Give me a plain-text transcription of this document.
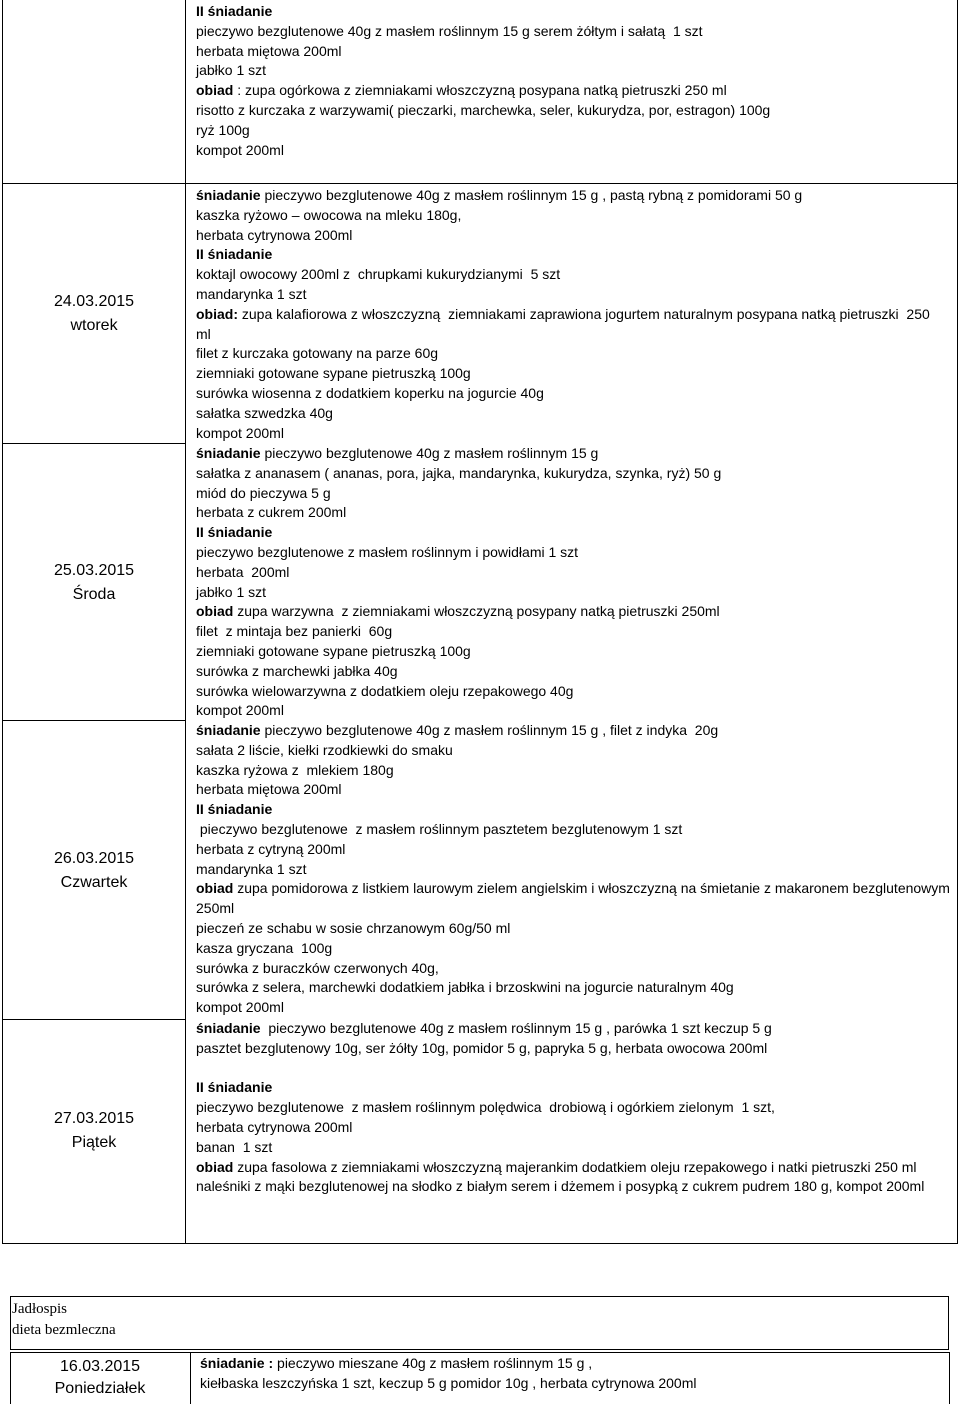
II śniadanie
pieczywo bezglutenowe 40g z masłem roślinnym 15 g serem żółtym i sałatą  1 szt
herbata miętowa 200ml
jabłko 1 szt
obiad : zupa ogórkowa z ziemniakami włoszczyzną posypana natką pietruszki 250 ml
risotto z kurczaka z warzywami( pieczarki, marchewka, seler, kukurydza, por, estragon) 100g
ryż 100g
kompot 200ml
24.03.2015
wtorek
25.03.2015
Środa
26.03.2015
Czwartek
27.03.2015
Piątek
śniadanie pieczywo bezglutenowe 40g z masłem roślinnym 15 g , pastą rybną z pomidorami 50 g
kaszka ryżowo – owocowa na mleku 180g,
herbata cytrynowa 200ml
II śniadanie
koktajl owocowy 200ml z  chrupkami kukurydzianymi  5 szt
mandarynka 1 szt
obiad: zupa kalafiorowa z włoszczyzną  ziemniakami zaprawiona jogurtem naturalnym posypana natką pietruszki  250
ml
filet z kurczaka gotowany na parze 60g
ziemniaki gotowane sypane pietruszką 100g
surówka wiosenna z dodatkiem koperku na jogurcie 40g
sałatka szwedzka 40g
kompot 200ml
śniadanie pieczywo bezglutenowe 40g z masłem roślinnym 15 g
sałatka z ananasem ( ananas, pora, jajka, mandarynka, kukurydza, szynka, ryż) 50 g
miód do pieczywa 5 g
herbata z cukrem 200ml
II śniadanie
pieczywo bezglutenowe z masłem roślinnym i powidłami 1 szt
herbata  200ml
jabłko 1 szt
obiad zupa warzywna  z ziemniakami włoszczyzną posypany natką pietruszki 250ml
filet  z mintaja bez panierki  60g
ziemniaki gotowane sypane pietruszką 100g
surówka z marchewki jabłka 40g
surówka wielowarzywna z dodatkiem oleju rzepakowego 40g
kompot 200ml
śniadanie pieczywo bezglutenowe 40g z masłem roślinnym 15 g , filet z indyka  20g
sałata 2 liście, kiełki rzodkiewki do smaku
kaszka ryżowa z  mlekiem 180g
herbata miętowa 200ml
II śniadanie
pieczywo bezglutenowe  z masłem roślinnym pasztetem bezglutenowym 1 szt
herbata z cytryną 200ml
mandarynka 1 szt
obiad zupa pomidorowa z listkiem laurowym zielem angielskim i włoszczyzną na śmietanie z makaronem bezglutenowym
250ml
pieczeń ze schabu w sosie chrzanowym 60g/50 ml
kasza gryczana  100g
surówka z buraczków czerwonych 40g,
surówka z selera, marchewki dodatkiem jabłka i brzoskwini na jogurcie naturalnym 40g
kompot 200ml
śniadanie  pieczywo bezglutenowe 40g z masłem roślinnym 15 g , parówka 1 szt keczup 5 g
pasztet bezglutenowy 10g, ser żółty 10g, pomidor 5 g, papryka 5 g, herbata owocowa 200ml

II śniadanie
pieczywo bezglutenowe  z masłem roślinnym polędwica  drobiową i ogórkiem zielonym  1 szt,
herbata cytrynowa 200ml
banan  1 szt
obiad zupa fasolowa z ziemniakami włoszczyzną majerankim dodatkiem oleju rzepakowego i natki pietruszki 250 ml
naleśniki z mąki bezglutenowej na słodko z białym serem i dżemem i posypką z cukrem pudrem 180 g, kompot 200ml
Jadłospis
dieta bezmleczna
16.03.2015
Poniedziałek
śniadanie : pieczywo mieszane 40g z masłem roślinnym 15 g ,
kiełbaska leszczyńska 1 szt, keczup 5 g pomidor 10g , herbata cytrynowa 200ml
